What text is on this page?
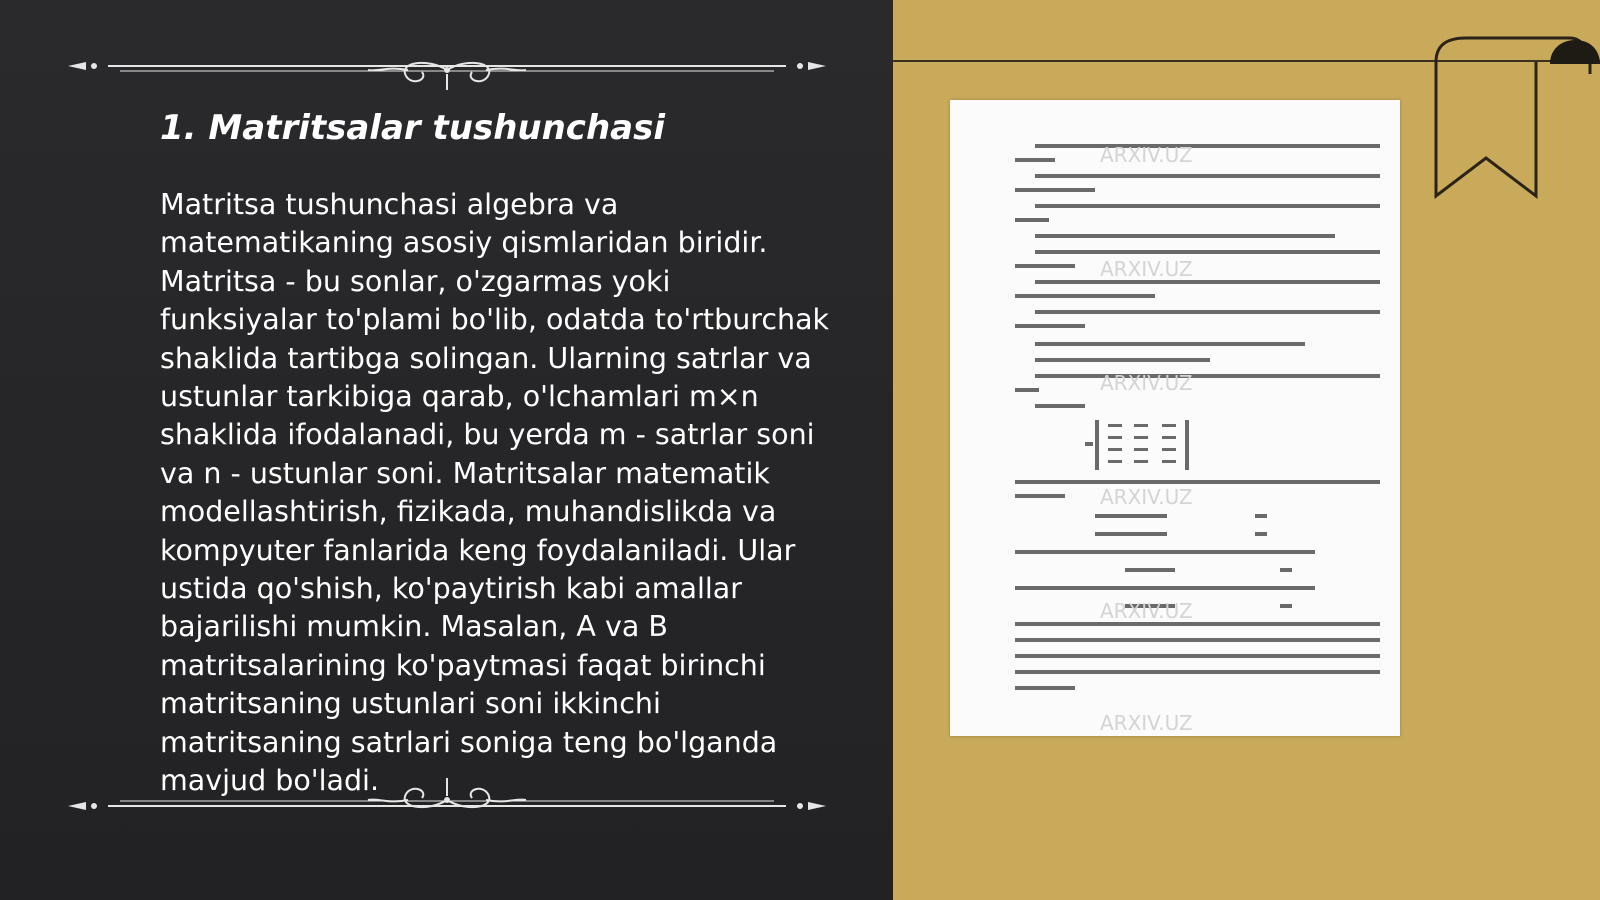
1. Matritsalar tushunchasi

Matritsa tushunchasi algebra va matematikaning asosiy qismlaridan biridir. Matritsa - bu sonlar, o'zgarmas yoki funksiyalar to'plami bo'lib, odatda to'rtburchak shaklida tartibga solingan. Ularning satrlar va ustunlar tarkibiga qarab, o'lchamlari m×n shaklida ifodalanadi, bu yerda m - satrlar soni va n - ustunlar soni. Matritsalar matematik modellashtirish, fizikada, muhandislikda va kompyuter fanlarida keng foydalaniladi. Ular ustida qo'shish, ko'paytirish kabi amallar bajarilishi mumkin. Masalan, A va B matritsalarining ko'paytmasi faqat birinchi matritsaning ustunlari soni ikkinchi matritsaning satrlari soniga teng bo'lganda mavjud bo'ladi.

ARXIV.UZ
ARXIV.UZ
ARXIV.UZ
ARXIV.UZ
ARXIV.UZ
ARXIV.UZ
